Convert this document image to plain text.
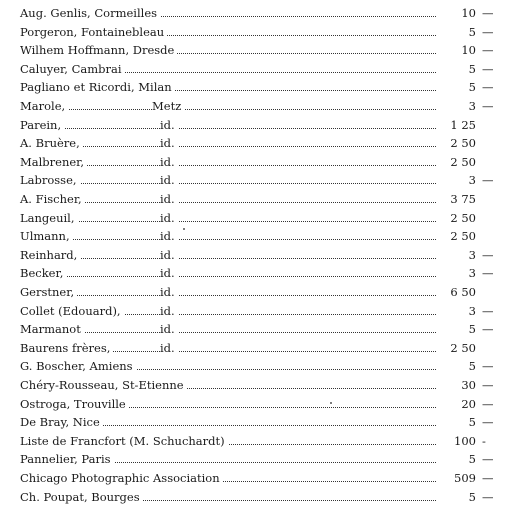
Aug. Genlis, Cormeilles	10 —
Porgeron, Fontainebleau	5 —
Wilhem Hoffmann, Dresde	10 —
Caluyer, Cambrai	5 —
Pagliano et Ricordi, Milan	5 —
Marole,	Metz	3 —
Parein,	id.	1 25
A. Bruère,	id.	2 50
Malbrener,	id.	2 50
Labrosse,	id.	3 —
A. Fischer,	id.	3 75
Langeuil,	id.	2 50
Ulmann,	id.	2 50
Reinhard,	id.	3 —
Becker,	id.	3 —
Gerstner,	id.	6 50
Collet (Edouard),	id.	3 —
Marmanot	id.	5 —
Baurens frères,	id.	2 50
G. Boscher, Amiens	5 —
Chéry-Rousseau, St-Etienne	30 —
Ostroga, Trouville	20 —
De Bray, Nice	5 —
Liste de Francfort (M. Schuchardt)	100 -
Pannelier, Paris	5 —
Chicago Photographic Association	509 —
Ch. Poupat, Bourges	5 —
